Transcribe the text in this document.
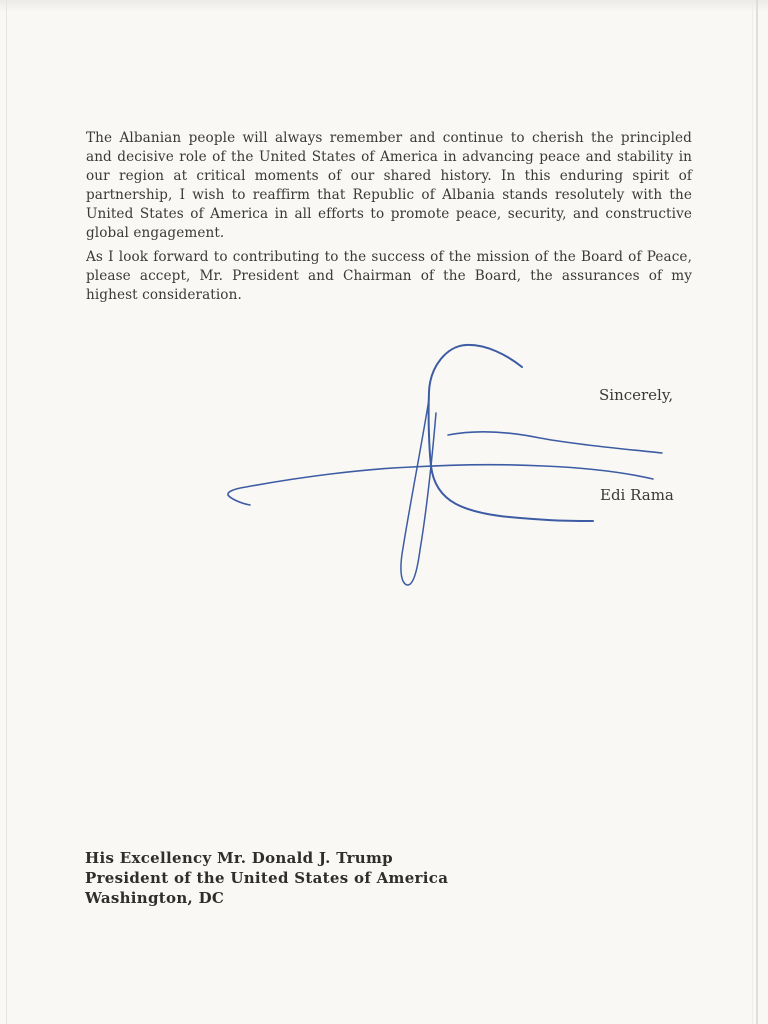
The Albanian people will always remember and continue to cherish the principled
and decisive role of the United States of America in advancing peace and stability in
our region at critical moments of our shared history. In this enduring spirit of
partnership, I wish to reaffirm that Republic of Albania stands resolutely with the
United States of America in all efforts to promote peace, security, and constructive
global engagement.
As I look forward to contributing to the success of the mission of the Board of Peace,
please accept, Mr. President and Chairman of the Board, the assurances of my
highest consideration.
Sincerely,
Edi Rama
His Excellency Mr. Donald J. Trump
President of the United States of America
Washington, DC
